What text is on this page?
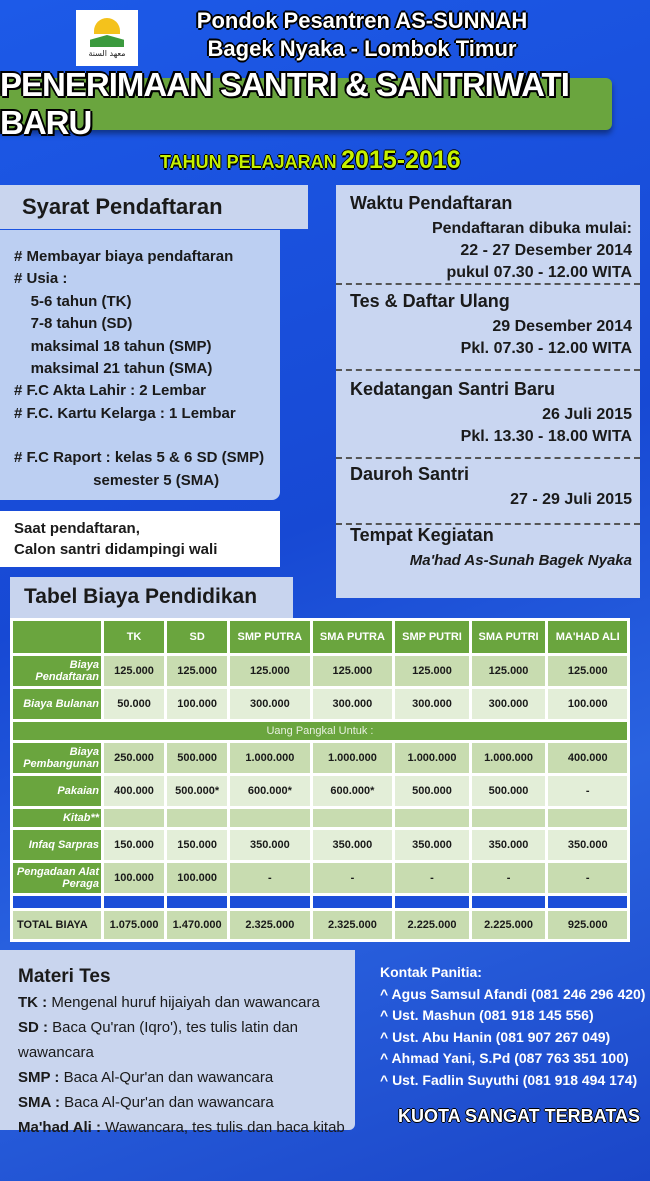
معهد السنة
Pondok Pesantren AS-SUNNAH
Bagek Nyaka - Lombok Timur
PENERIMAAN SANTRI & SANTRIWATI BARU
TAHUN PELAJARAN 2015-2016
Syarat Pendaftaran
# Membayar biaya pendaftaran
# Usia :
5-6 tahun (TK)
7-8 tahun (SD)
maksimal 18 tahun (SMP)
maksimal 21 tahun (SMA)
# F.C Akta Lahir : 2 Lembar
# F.C. Kartu Kelarga : 1 Lembar
# F.C Raport : kelas 5 & 6 SD (SMP)
semester 5 (SMA)
Saat pendaftaran,
Calon santri didampingi wali
Waktu Pendaftaran
Pendaftaran dibuka mulai:
22 - 27 Desember 2014
pukul 07.30 - 12.00 WITA
Tes & Daftar Ulang
29 Desember 2014
Pkl. 07.30 - 12.00 WITA
Kedatangan Santri Baru
26 Juli 2015
Pkl. 13.30 - 18.00 WITA
Dauroh Santri
27 - 29 Juli 2015
Tempat Kegiatan
Ma'had As-Sunah Bagek Nyaka
Tabel Biaya Pendidikan
	TK	SD	SMP PUTRA	SMA PUTRA	SMP PUTRI	SMA PUTRI	MA'HAD ALI
Biaya Pendaftaran	125.000	125.000	125.000	125.000	125.000	125.000	125.000
Biaya Bulanan	50.000	100.000	300.000	300.000	300.000	300.000	100.000
Uang Pangkal Untuk :							
Biaya Pembangunan	250.000	500.000	1.000.000	1.000.000	1.000.000	1.000.000	400.000
Pakaian	400.000	500.000*	600.000*	600.000*	500.000	500.000	-
Kitab**							
Infaq Sarpras	150.000	150.000	350.000	350.000	350.000	350.000	350.000
Pengadaan Alat Peraga	100.000	100.000	-	-	-	-	-

TOTAL BIAYA	1.075.000	1.470.000	2.325.000	2.325.000	2.225.000	2.225.000	925.000
Materi Tes
TK : Mengenal huruf hijaiyah dan wawancara
SD : Baca Qu'ran (Iqro'), tes tulis latin dan wawancara
SMP : Baca Al-Qur'an dan wawancara
SMA : Baca Al-Qur'an dan wawancara
Ma'had Ali : Wawancara, tes tulis dan baca kitab
Kontak Panitia:
^ Agus Samsul Afandi (081 246 296 420)
^ Ust. Mashun (081 918 145 556)
^ Ust. Abu Hanin (081 907 267 049)
^ Ahmad Yani, S.Pd (087 763 351 100)
^ Ust. Fadlin Suyuthi (081 918 494 174)
KUOTA SANGAT TERBATAS
